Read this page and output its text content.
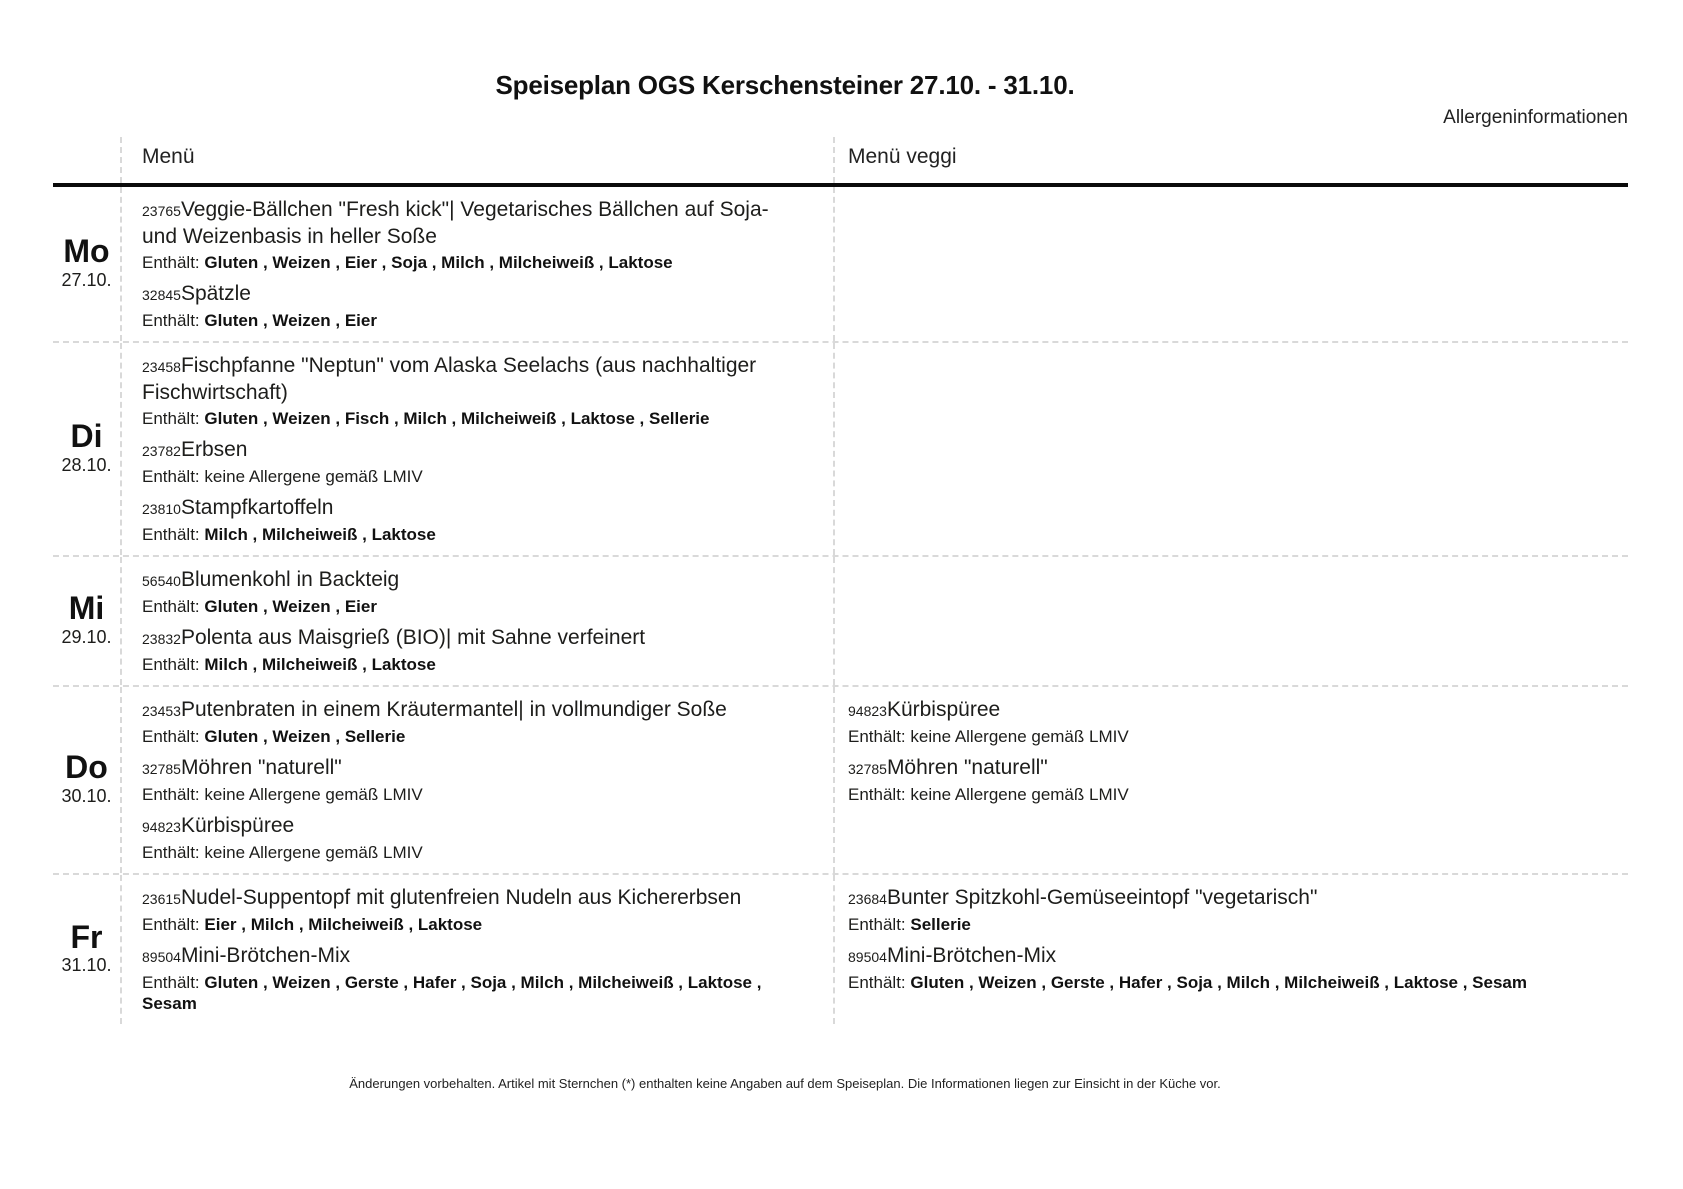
Speiseplan OGS Kerschensteiner 27.10. - 31.10.
Allergeninformationen
Menü	Menü veggi
Mo
27.10.
23765Veggie-Bällchen "Fresh kick"| Vegetarisches Bällchen auf Soja- und Weizenbasis in heller Soße
Enthält: Gluten , Weizen , Eier , Soja , Milch , Milcheiweiß , Laktose
32845Spätzle
Enthält: Gluten , Weizen , Eier
Di
28.10.
23458Fischpfanne "Neptun" vom Alaska Seelachs (aus nachhaltiger Fischwirtschaft)
Enthält: Gluten , Weizen , Fisch , Milch , Milcheiweiß , Laktose , Sellerie
23782Erbsen
Enthält: keine Allergene gemäß LMIV
23810Stampfkartoffeln
Enthält: Milch , Milcheiweiß , Laktose
Mi
29.10.
56540Blumenkohl in Backteig
Enthält: Gluten , Weizen , Eier
23832Polenta aus Maisgrieß (BIO)| mit Sahne verfeinert
Enthält: Milch , Milcheiweiß , Laktose
Do
30.10.
23453Putenbraten in einem Kräutermantel| in vollmundiger Soße
Enthält: Gluten , Weizen , Sellerie
32785Möhren "naturell"
Enthält: keine Allergene gemäß LMIV
94823Kürbispüree
Enthält: keine Allergene gemäß LMIV
94823Kürbispüree
Enthält: keine Allergene gemäß LMIV
32785Möhren "naturell"
Enthält: keine Allergene gemäß LMIV
Fr
31.10.
23615Nudel-Suppentopf mit glutenfreien Nudeln aus Kichererbsen
Enthält: Eier , Milch , Milcheiweiß , Laktose
89504Mini-Brötchen-Mix
Enthält: Gluten , Weizen , Gerste , Hafer , Soja , Milch , Milcheiweiß , Laktose , Sesam
23684Bunter Spitzkohl-Gemüseeintopf "vegetarisch"
Enthält: Sellerie
89504Mini-Brötchen-Mix
Enthält: Gluten , Weizen , Gerste , Hafer , Soja , Milch , Milcheiweiß , Laktose , Sesam
Änderungen vorbehalten. Artikel mit Sternchen (*) enthalten keine Angaben auf dem Speiseplan. Die Informationen liegen zur Einsicht in der Küche vor.
